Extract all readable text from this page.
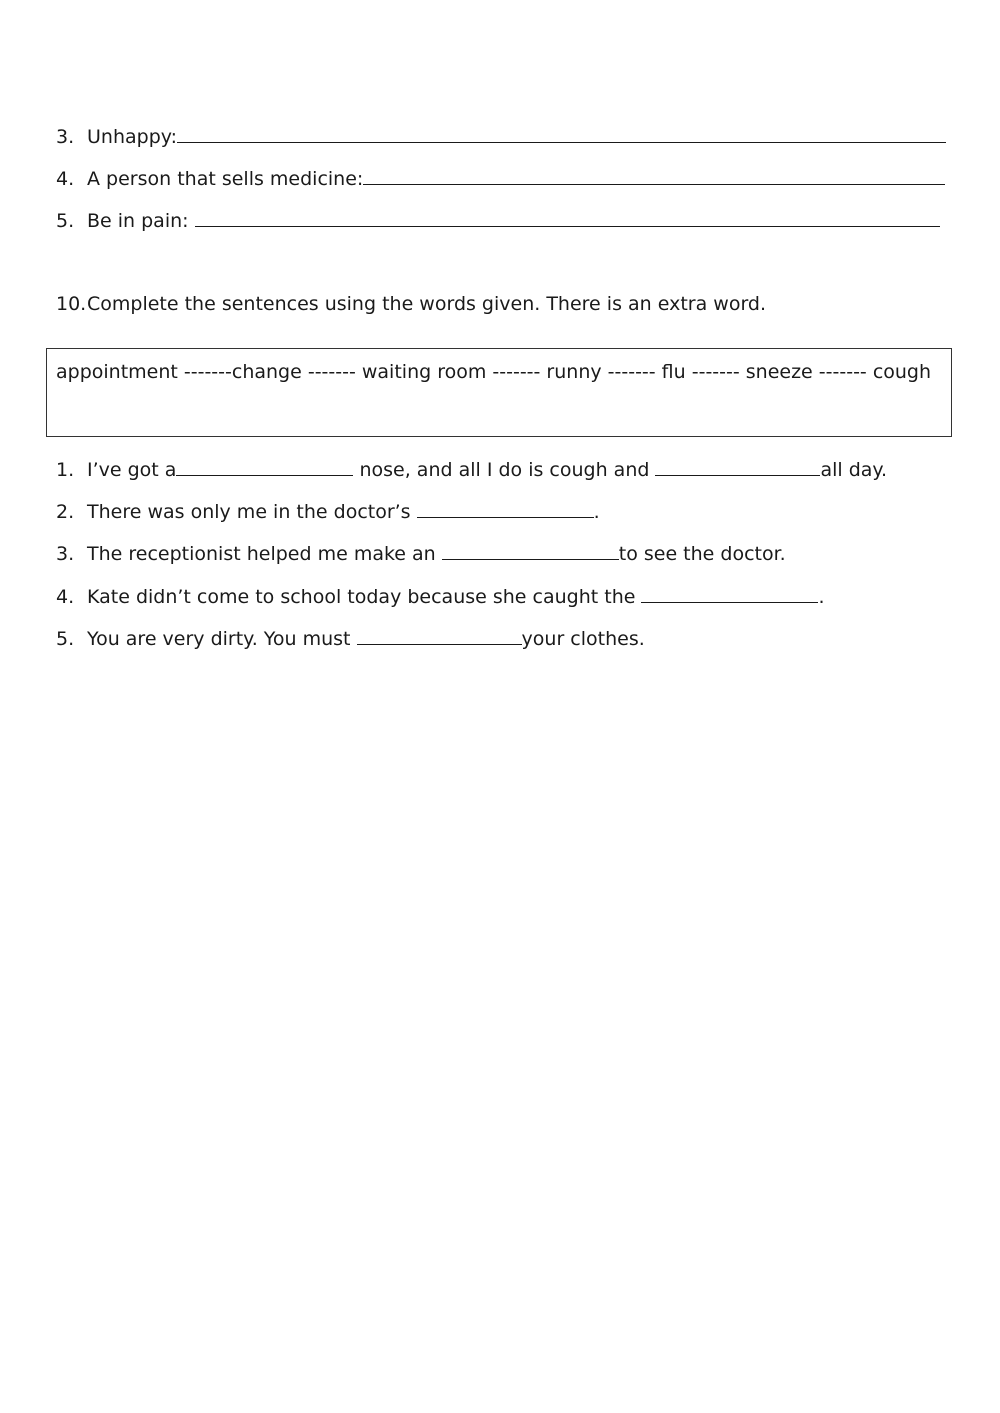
3. Unhappy:
4. A person that sells medicine:
5. Be in pain:
10.Complete the sentences using the words given. There is an extra word.
appointment -------change ------- waiting room ------- runny ------- flu ------- sneeze ------- cough
1. I’ve got a	nose, and all I do is cough and	all day.
2. There was only me in the doctor’s	.
3. The receptionist helped me make an	to see the doctor.
4. Kate didn’t come to school today because she caught the	.
5. You are very dirty. You must	your clothes.
